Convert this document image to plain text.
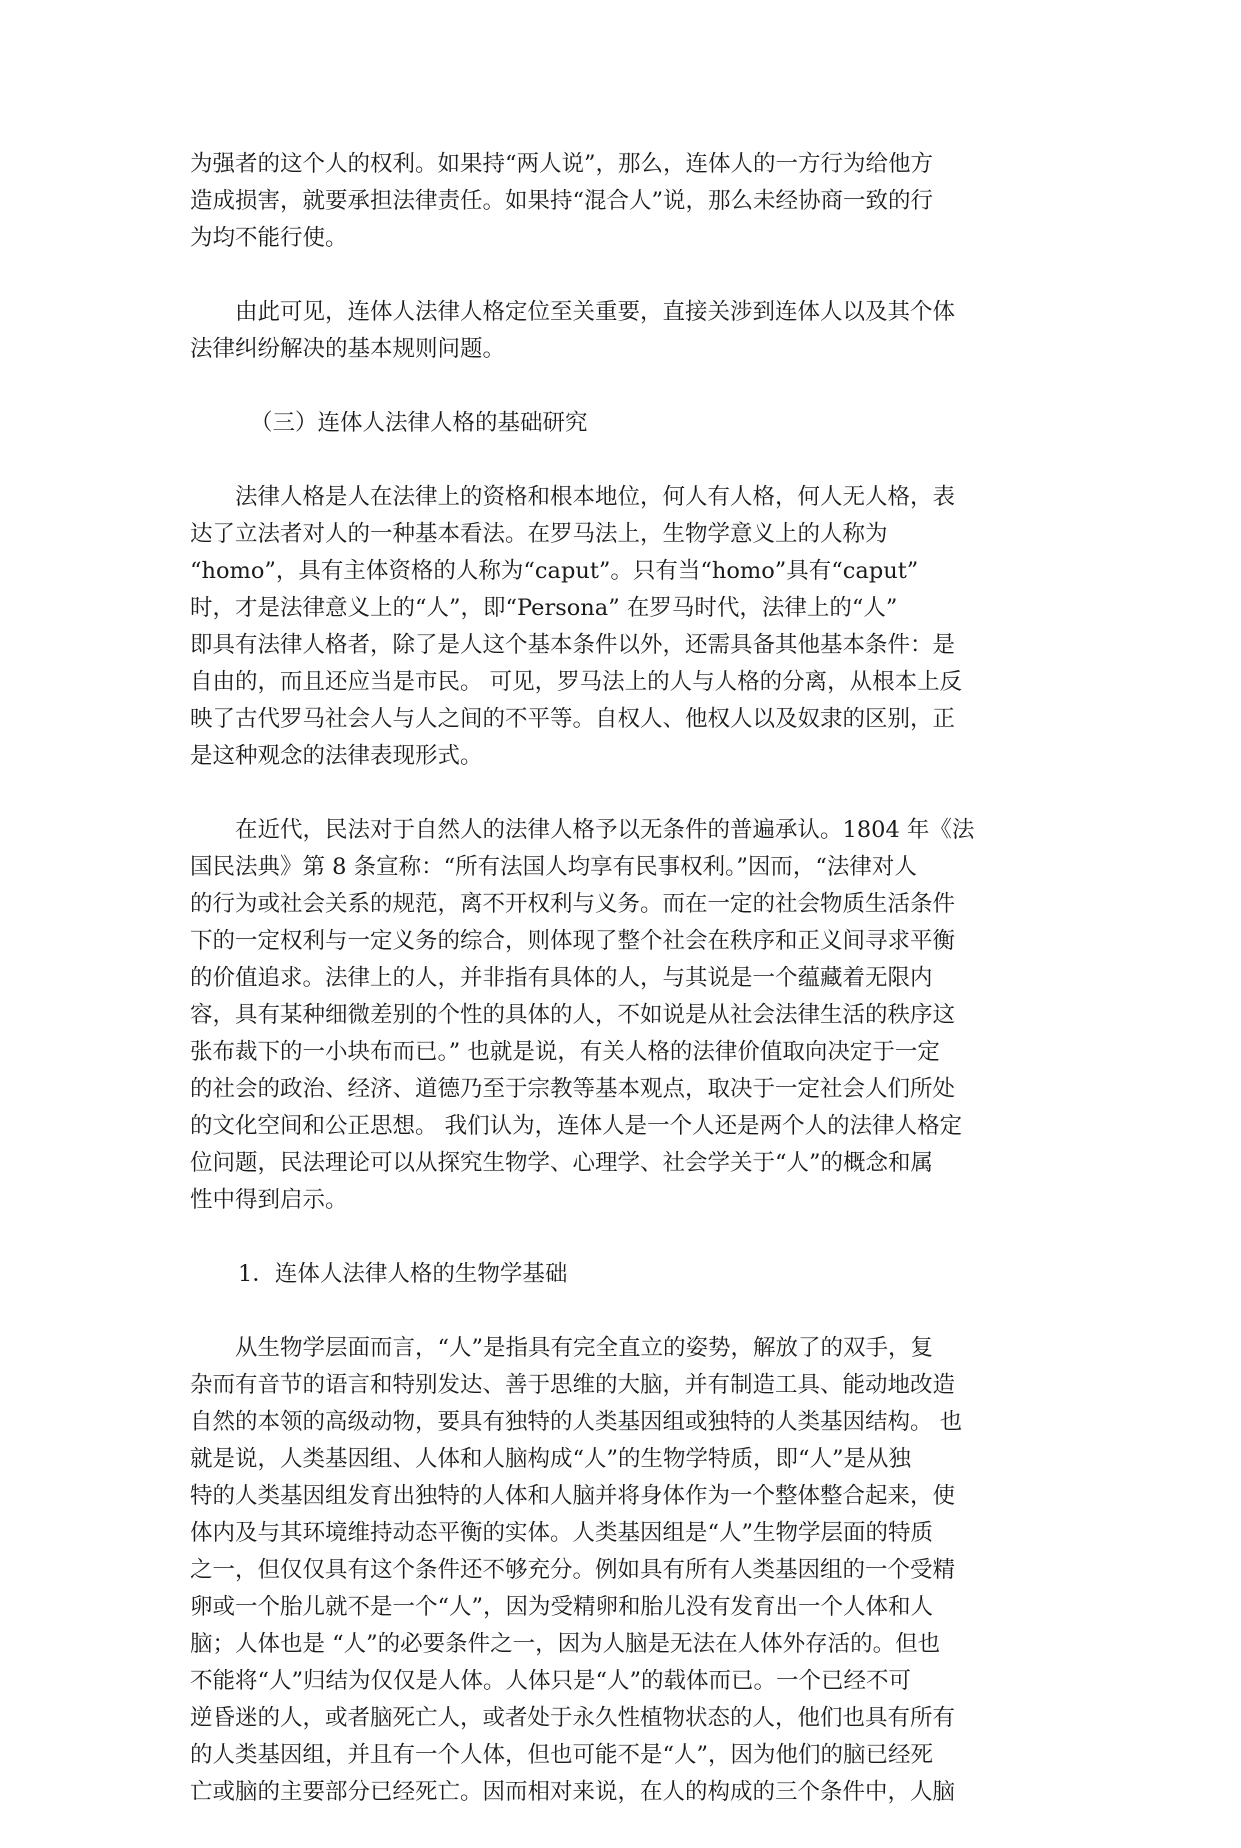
为强者的这个人的权利。如果持“两人说”，那么，连体人的一方行为给他方
造成损害，就要承担法律责任。如果持“混合人”说，那么未经协商一致的行
为均不能行使。

由此可见，连体人法律人格定位至关重要，直接关涉到连体人以及其个体
法律纠纷解决的基本规则问题。

（三）连体人法律人格的基础研究

法律人格是人在法律上的资格和根本地位，何人有人格，何人无人格，表
达了立法者对人的一种基本看法。在罗马法上，生物学意义上的人称为
“homo”，具有主体资格的人称为“caput”。只有当“homo”具有“caput”
时，才是法律意义上的“人”，即“Persona” 在罗马时代，法律上的“人”
即具有法律人格者，除了是人这个基本条件以外，还需具备其他基本条件：是
自由的，而且还应当是市民。 可见，罗马法上的人与人格的分离，从根本上反
映了古代罗马社会人与人之间的不平等。自权人、他权人以及奴隶的区别，正
是这种观念的法律表现形式。

在近代，民法对于自然人的法律人格予以无条件的普遍承认。1804 年《法
国民法典》第 8 条宣称：“所有法国人均享有民事权利。”因而，“法律对人
的行为或社会关系的规范，离不开权利与义务。而在一定的社会物质生活条件
下的一定权利与一定义务的综合，则体现了整个社会在秩序和正义间寻求平衡
的价值追求。法律上的人，并非指有具体的人，与其说是一个蕴藏着无限内
容，具有某种细微差别的个性的具体的人，不如说是从社会法律生活的秩序这
张布裁下的一小块布而已。” 也就是说，有关人格的法律价值取向决定于一定
的社会的政治、经济、道德乃至于宗教等基本观点，取决于一定社会人们所处
的文化空间和公正思想。 我们认为，连体人是一个人还是两个人的法律人格定
位问题，民法理论可以从探究生物学、心理学、社会学关于“人”的概念和属
性中得到启示。

1．连体人法律人格的生物学基础

从生物学层面而言，“人”是指具有完全直立的姿势，解放了的双手，复
杂而有音节的语言和特别发达、善于思维的大脑，并有制造工具、能动地改造
自然的本领的高级动物，要具有独特的人类基因组或独特的人类基因结构。 也
就是说，人类基因组、人体和人脑构成“人”的生物学特质，即“人”是从独
特的人类基因组发育出独特的人体和人脑并将身体作为一个整体整合起来，使
体内及与其环境维持动态平衡的实体。人类基因组是“人”生物学层面的特质
之一，但仅仅具有这个条件还不够充分。例如具有所有人类基因组的一个受精
卵或一个胎儿就不是一个“人”，因为受精卵和胎儿没有发育出一个人体和人
脑；人体也是 “人”的必要条件之一，因为人脑是无法在人体外存活的。但也
不能将“人”归结为仅仅是人体。人体只是“人”的载体而已。一个已经不可
逆昏迷的人，或者脑死亡人，或者处于永久性植物状态的人，他们也具有所有
的人类基因组，并且有一个人体，但也可能不是“人”，因为他们的脑已经死
亡或脑的主要部分已经死亡。因而相对来说，在人的构成的三个条件中，人脑
